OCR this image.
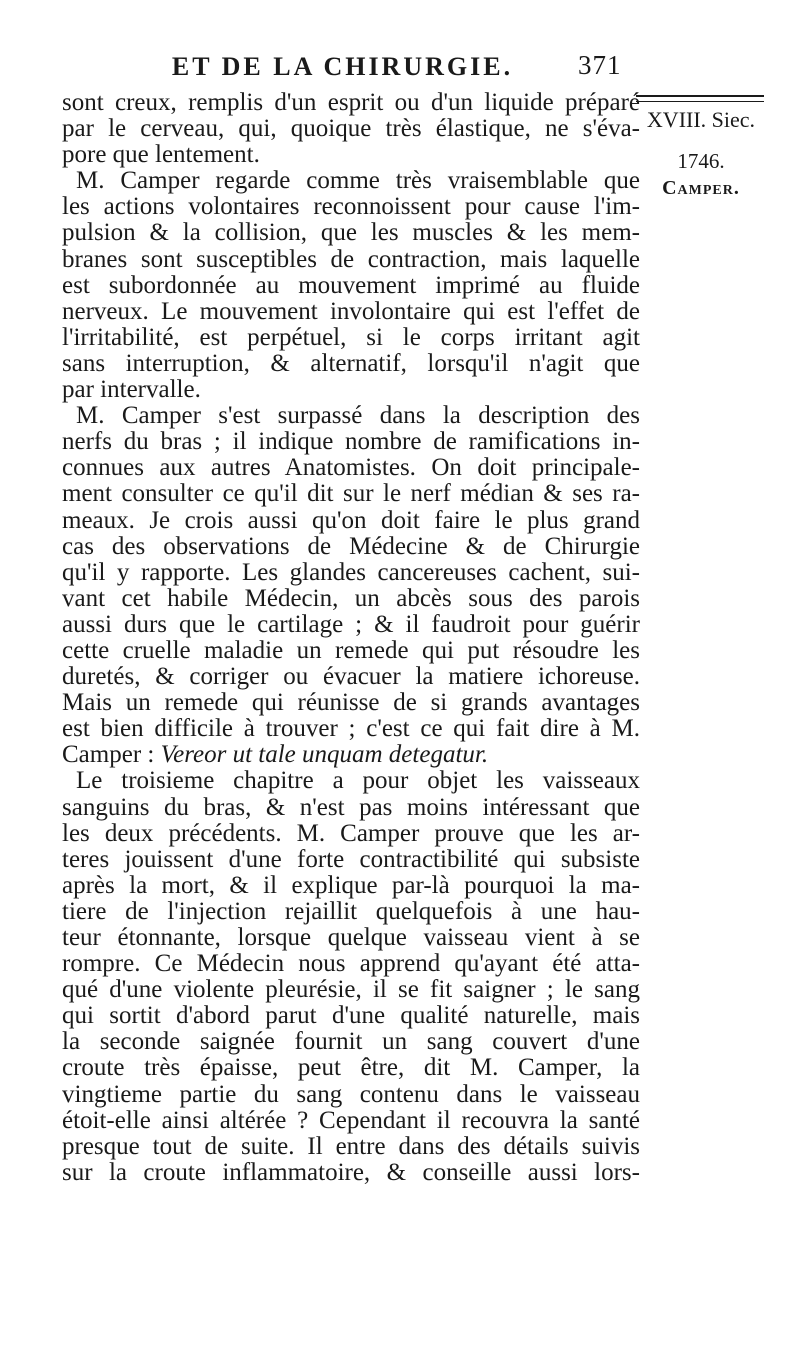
ET DE LA CHIRURGIE.	371
XVIII. Siec.
1746.
Camper.
sont creux, remplis d'un esprit ou d'un liquide préparé
par le cerveau, qui, quoique très élastique, ne s'éva-
pore que lentement.
M. Camper regarde comme très vraisemblable que
les actions volontaires reconnoissent pour cause l'im-
pulsion & la collision, que les muscles & les mem-
branes sont susceptibles de contraction, mais laquelle
est subordonnée au mouvement imprimé au fluide
nerveux. Le mouvement involontaire qui est l'effet de
l'irritabilité, est perpétuel, si le corps irritant agit
sans interruption, & alternatif, lorsqu'il n'agit que
par intervalle.
M. Camper s'est surpassé dans la description des
nerfs du bras ; il indique nombre de ramifications in-
connues aux autres Anatomistes. On doit principale-
ment consulter ce qu'il dit sur le nerf médian & ses ra-
meaux. Je crois aussi qu'on doit faire le plus grand
cas des observations de Médecine & de Chirurgie
qu'il y rapporte. Les glandes cancereuses cachent, sui-
vant cet habile Médecin, un abcès sous des parois
aussi durs que le cartilage ; & il faudroit pour guérir
cette cruelle maladie un remede qui put résoudre les
duretés, & corriger ou évacuer la matiere ichoreuse.
Mais un remede qui réunisse de si grands avantages
est bien difficile à trouver ; c'est ce qui fait dire à M.
Camper : Vereor ut tale unquam detegatur.
Le troisieme chapitre a pour objet les vaisseaux
sanguins du bras, & n'est pas moins intéressant que
les deux précédents. M. Camper prouve que les ar-
teres jouissent d'une forte contractibilité qui subsiste
après la mort, & il explique par-là pourquoi la ma-
tiere de l'injection rejaillit quelquefois à une hau-
teur étonnante, lorsque quelque vaisseau vient à se
rompre. Ce Médecin nous apprend qu'ayant été atta-
qué d'une violente pleurésie, il se fit saigner ; le sang
qui sortit d'abord parut d'une qualité naturelle, mais
la seconde saignée fournit un sang couvert d'une
croute très épaisse, peut être, dit M. Camper, la
vingtieme partie du sang contenu dans le vaisseau
étoit-elle ainsi altérée ? Cependant il recouvra la santé
presque tout de suite. Il entre dans des détails suivis
sur la croute inflammatoire, & conseille aussi lors-
